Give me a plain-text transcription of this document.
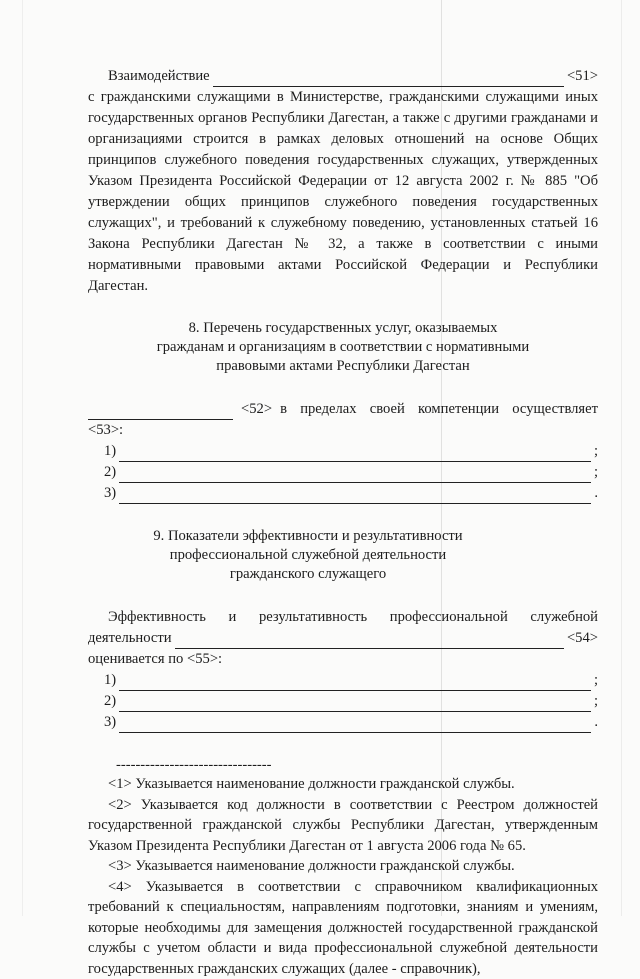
Взаимодействие	<51>

с гражданскими служащими в Министерстве, гражданскими служащими иных государственных органов Республики Дагестан, а также с другими гражданами и организациями строится в рамках деловых отношений на основе Общих принципов служебного поведения государственных служащих, утвержденных Указом Президента Российской Федерации от 12 августа 2002 г. № 885 "Об утверждении общих принципов служебного поведения государственных служащих", и требований к служебному поведению, установленных статьей 16 Закона Республики Дагестан № 32, а также в соответствии с иными нормативными правовыми актами Российской Федерации и Республики Дагестан.

8. Перечень государственных услуг, оказываемых
гражданам и организациям в соответствии с нормативными
правовыми актами Республики Дагестан
<52> в пределах своей компетенции осуществляет

<53>:

1)	;
2)	;
3)	.
9. Показатели эффективности и результативности
профессиональной служебной деятельности
гражданского служащего

Эффективность и результативность профессиональной служебной

деятельности	<54>

оценивается по <55>:

1)	;
2)	;
3)	.
--------------------------------

<1> Указывается наименование должности гражданской службы.

<2> Указывается код должности в соответствии с Реестром должностей государственной гражданской службы Республики Дагестан, утвержденным Указом Президента Республики Дагестан от 1 августа 2006 года № 65.

<3> Указывается наименование должности гражданской службы.

<4> Указывается в соответствии с справочником квалификационных требований к специальностям, направлениям подготовки, знаниям и умениям, которые необходимы для замещения должностей государственной гражданской службы с учетом области и вида профессиональной служебной деятельности государственных гражданских служащих (далее - справочник),
